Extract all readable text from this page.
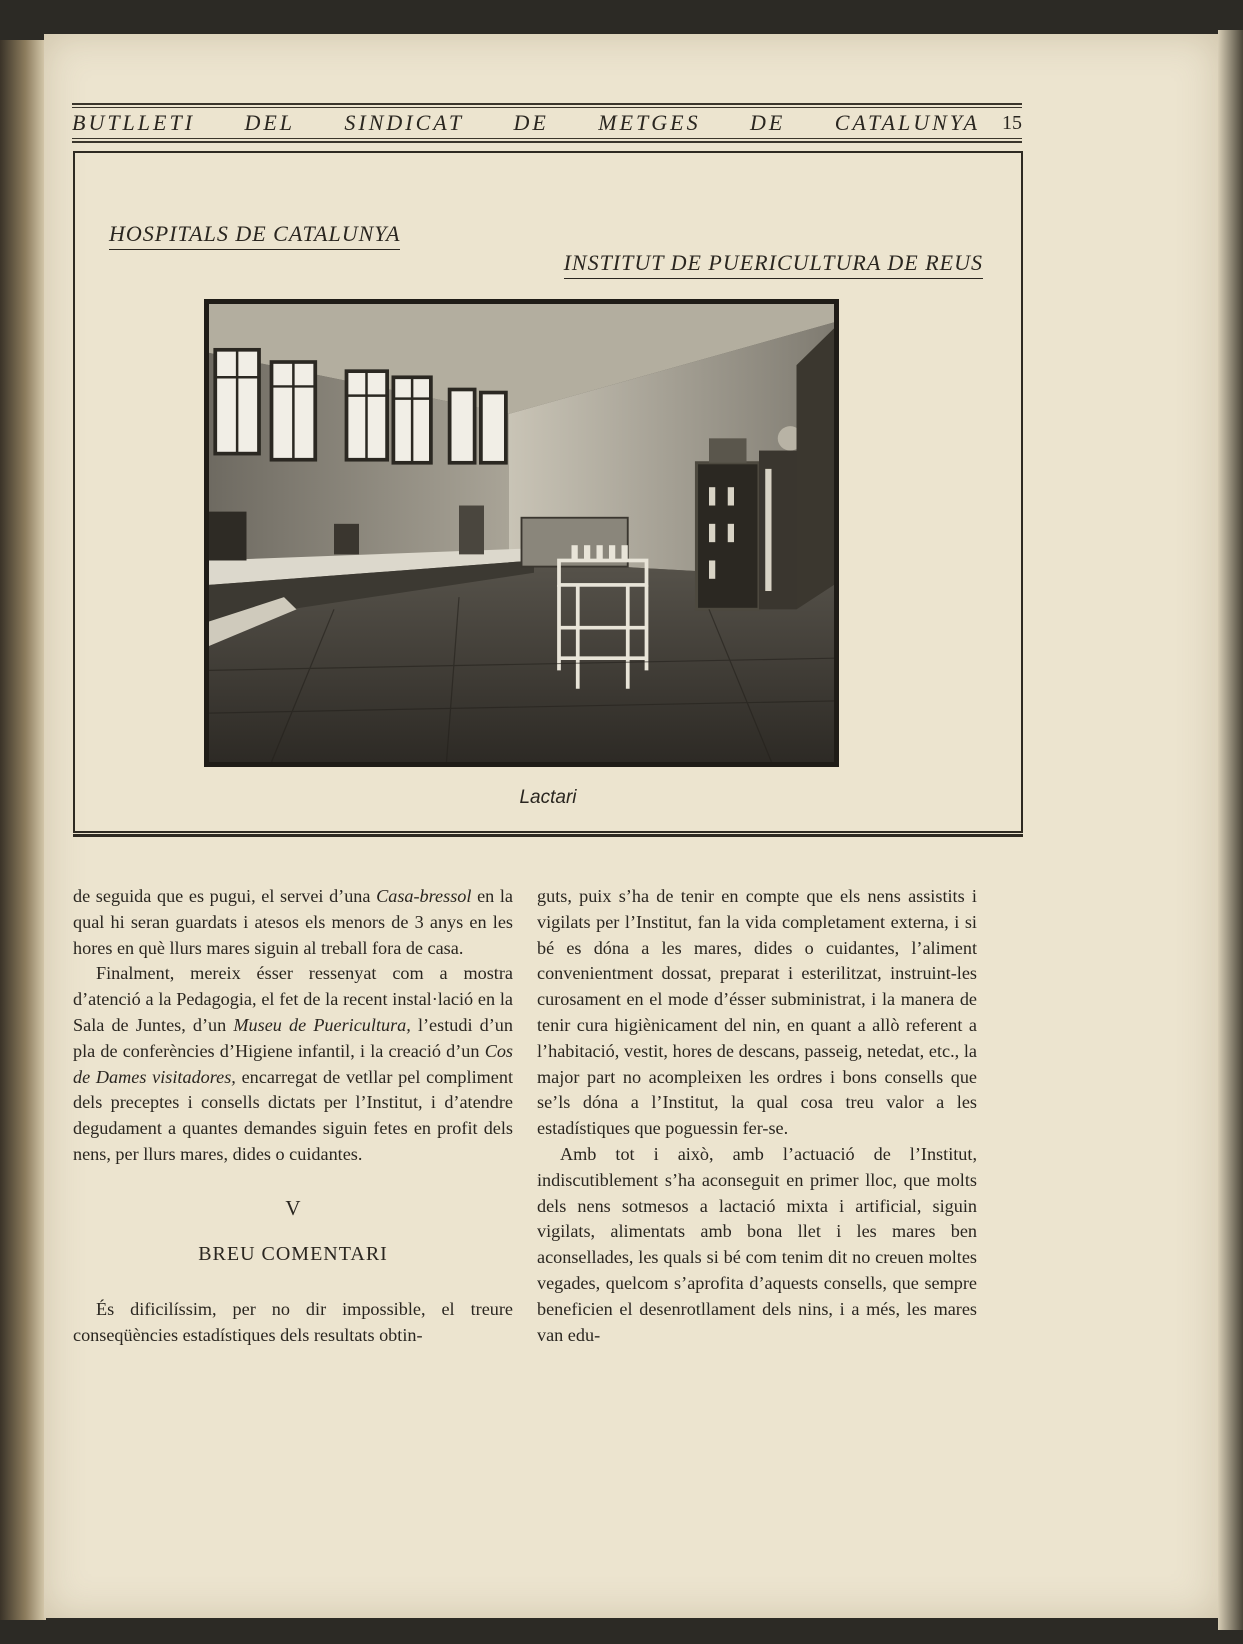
BUTLLETI DEL SINDICAT DE METGES DE CATALUNYA 15
HOSPITALS DE CATALUNYA
INSTITUT DE PUERICULTURA DE REUS
Lactari

de seguida que es pugui, el servei d’una Casa-bressol en la qual hi seran guardats i atesos els menors de 3 anys en les hores en què llurs mares siguin al treball fora de casa.

Finalment, mereix ésser ressenyat com a mostra d’atenció a la Pedagogia, el fet de la recent instal·lació en la Sala de Juntes, d’un Museu de Puericultura, l’estudi d’un pla de conferències d’Higiene infantil, i la creació d’un Cos de Dames visitadores, encarregat de vetllar pel compliment dels preceptes i consells dictats per l’Institut, i d’atendre degudament a quantes demandes siguin fetes en profit dels nens, per llurs mares, dides o cuidantes.

V
BREU COMENTARI

És dificilíssim, per no dir impossible, el treure conseqüències estadístiques dels resultats obtin-

guts, puix s’ha de tenir en compte que els nens assistits i vigilats per l’Institut, fan la vida completament externa, i si bé es dóna a les mares, dides o cuidantes, l’aliment convenientment dossat, preparat i esterilitzat, instruint-les curosament en el mode d’ésser subministrat, i la manera de tenir cura higiènicament del nin, en quant a allò referent a l’habitació, vestit, hores de descans, passeig, netedat, etc., la major part no acompleixen les ordres i bons consells que se’ls dóna a l’Institut, la qual cosa treu valor a les estadístiques que poguessin fer-se.

Amb tot i això, amb l’actuació de l’Institut, indiscutiblement s’ha aconseguit en primer lloc, que molts dels nens sotmesos a lactació mixta i artificial, siguin vigilats, alimentats amb bona llet i les mares ben aconsellades, les quals si bé com tenim dit no creuen moltes vegades, quelcom s’aprofita d’aquests consells, que sempre beneficien el desenrotllament dels nins, i a més, les mares van edu-
